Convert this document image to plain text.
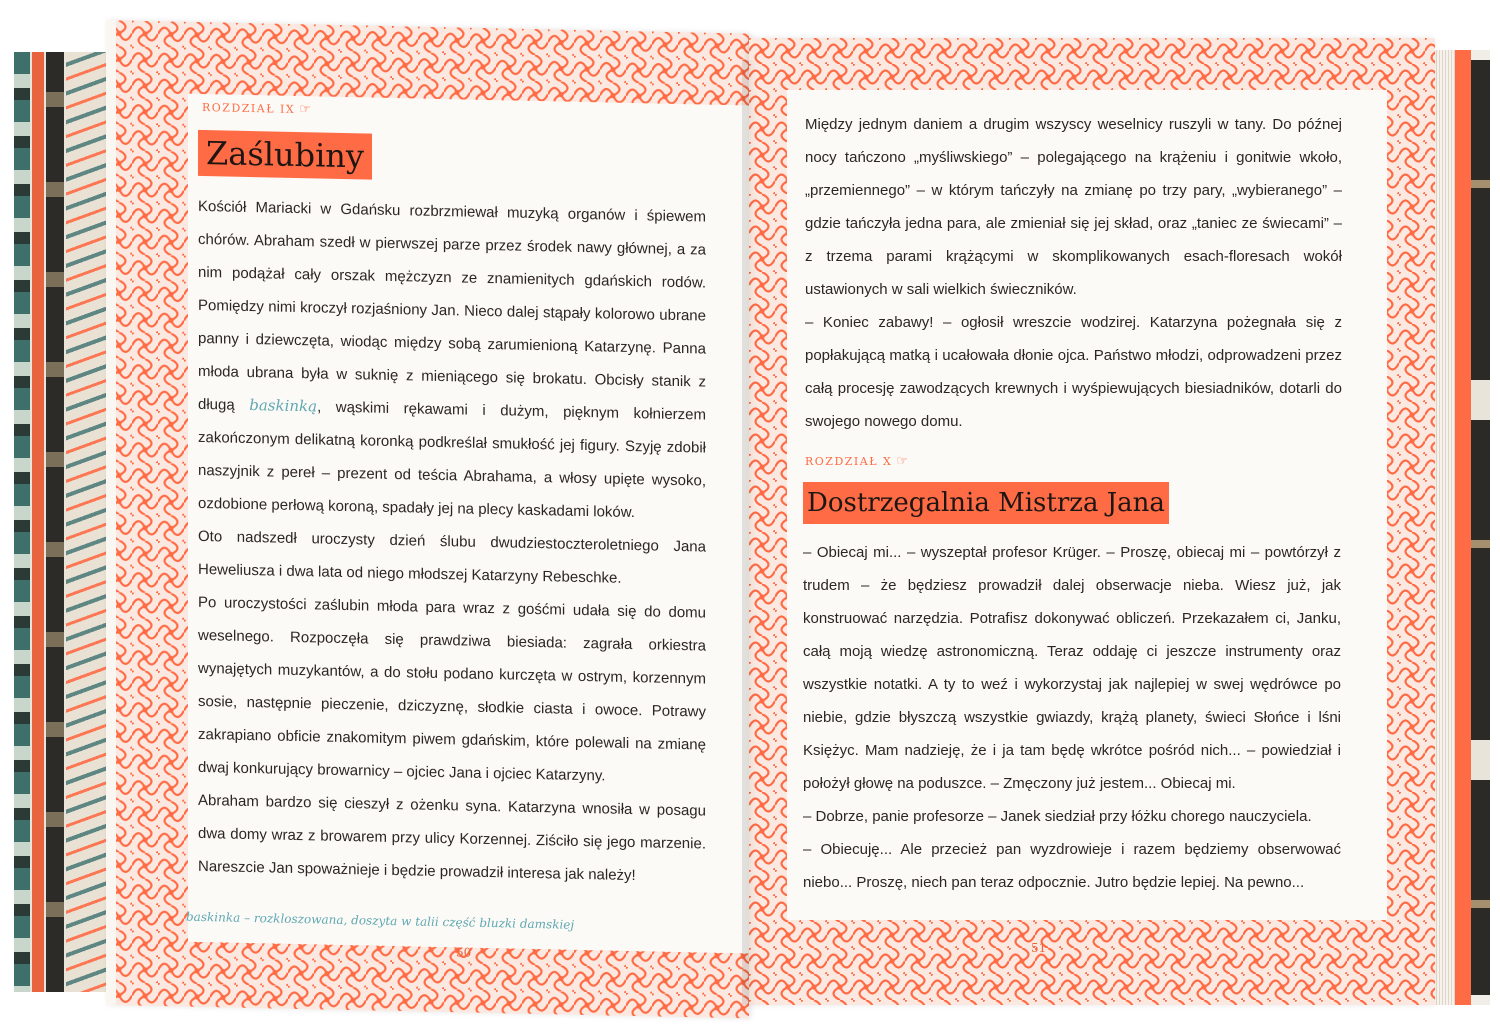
ROZDZIAŁ IX ☞
Zaślubiny

Kościół Mariacki w Gdańsku rozbrzmiewał muzyką organów i śpiewem chórów. Abraham szedł w pierwszej parze przez środek nawy głównej, a za nim podążał cały orszak mężczyzn ze znamienitych gdańskich rodów. Pomiędzy nimi kroczył rozjaśniony Jan. Nieco dalej stąpały kolorowo ubrane panny i dziewczęta, wiodąc między sobą zarumienioną Katarzynę. Panna młoda ubrana była w suknię z mieniącego się brokatu. Obcisły stanik z długą baskinką, wąskimi rękawami i dużym, pięknym kołnierzem zakończonym delikatną koronką podkreślał smukłość jej figury. Szyję zdobił naszyjnik z pereł – prezent od teścia Abrahama, a włosy upięte wysoko, ozdobione perłową koroną, spadały jej na plecy kaskadami loków.

Oto nadszedł uroczysty dzień ślubu dwudziestoczteroletniego Jana Heweliusza i dwa lata od niego młodszej Katarzyny Rebeschke.

Po uroczystości zaślubin młoda para wraz z gośćmi udała się do domu weselnego. Rozpoczęła się prawdziwa biesiada: zagrała orkiestra wynajętych muzykantów, a do stołu podano kurczęta w ostrym, korzennym sosie, następnie pieczenie, dziczyznę, słodkie ciasta i owoce. Potrawy zakrapiano obficie znakomitym piwem gdańskim, które polewali na zmianę dwaj konkurujący browarnicy – ojciec Jana i ojciec Katarzyny.

Abraham bardzo się cieszył z ożenku syna. Katarzyna wnosiła w posagu dwa domy wraz z browarem przy ulicy Korzennej. Ziściło się jego marzenie. Nareszcie Jan spoważnieje i będzie prowadził interesa jak należy!

baskinka – rozkloszowana, doszyta w talii część bluzki damskiej
50

Między jednym daniem a drugim wszyscy weselnicy ruszyli w tany. Do późnej nocy tańczono „myśliwskiego” – polegającego na krążeniu i gonitwie wkoło, „przemiennego” – w którym tańczyły na zmianę po trzy pary, „wybieranego” – gdzie tańczyła jedna para, ale zmieniał się jej skład, oraz „taniec ze świecami” – z trzema parami krążącymi w skomplikowanych esach-floresach wokół ustawionych w sali wielkich świeczników.

– Koniec zabawy! – ogłosił wreszcie wodzirej. Katarzyna pożegnała się z popłakującą matką i ucałowała dłonie ojca. Państwo młodzi, odprowadzeni przez całą procesję zawodzących krewnych i wyśpiewujących biesiadników, dotarli do swojego nowego domu.

ROZDZIAŁ X ☞
Dostrzegalnia Mistrza Jana

– Obiecaj mi... – wyszeptał profesor Krüger. – Proszę, obiecaj mi – powtórzył z trudem – że będziesz prowadził dalej obserwacje nieba. Wiesz już, jak konstruować narzędzia. Potrafisz dokonywać obliczeń. Przekazałem ci, Janku, całą moją wiedzę astronomiczną. Teraz oddaję ci jeszcze instrumenty oraz wszystkie notatki. A ty to weź i wykorzystaj jak najlepiej w swej wędrówce po niebie, gdzie błyszczą wszystkie gwiazdy, krążą planety, świeci Słońce i lśni Księżyc. Mam nadzieję, że i ja tam będę wkrótce pośród nich... – powiedział i położył głowę na poduszce. – Zmęczony już jestem... Obiecaj mi.

– Dobrze, panie profesorze – Janek siedział przy łóżku chorego nauczyciela.

– Obiecuję... Ale przecież pan wyzdrowieje i razem będziemy obserwować niebo... Proszę, niech pan teraz odpocznie. Jutro będzie lepiej. Na pewno...

51
